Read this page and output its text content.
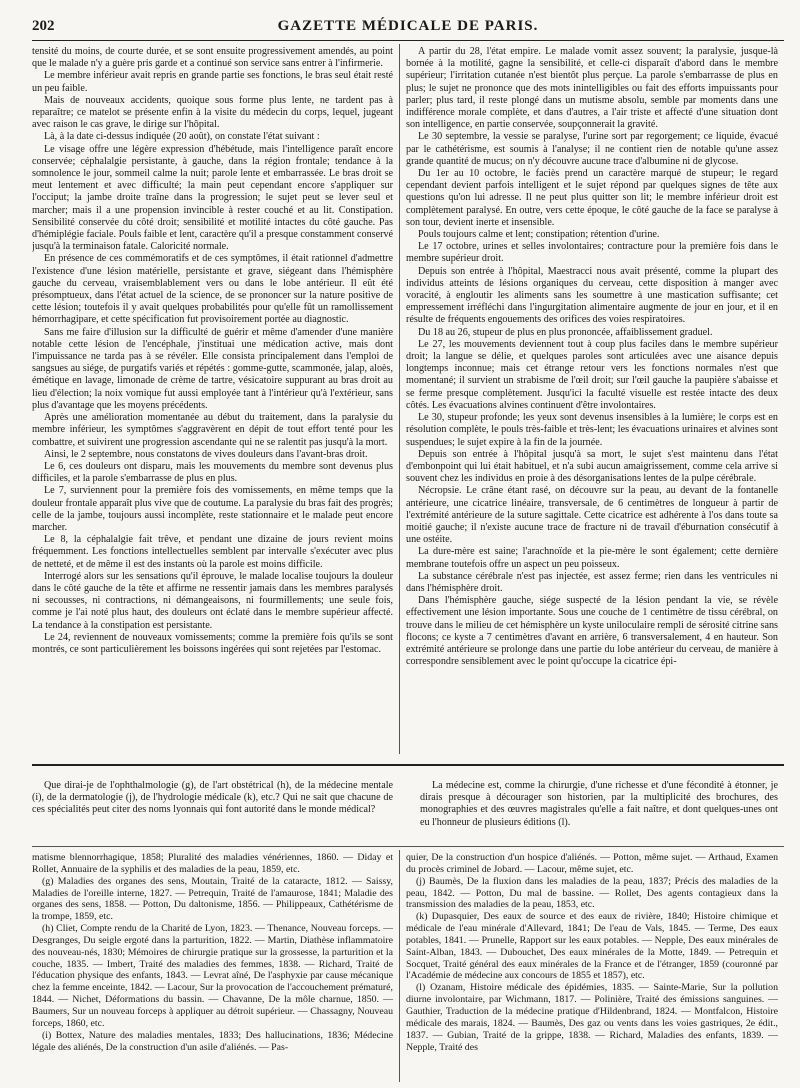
202	GAZETTE MÉDICALE DE PARIS.

tensité du moins, de courte durée, et se sont ensuite progressivement amendés, au point que le malade n'y a guère pris garde et a continué son service sans entrer à l'infirmerie.

Le membre inférieur avait repris en grande partie ses fonctions, le bras seul était resté un peu faible.

Mais de nouveaux accidents, quoique sous forme plus lente, ne tardent pas à reparaître; ce matelot se présente enfin à la visite du médecin du corps, lequel, jugeant avec raison le cas grave, le dirige sur l'hôpital.

Là, à la date ci-dessus indiquée (20 août), on constate l'état suivant :

Le visage offre une légère expression d'hébétude, mais l'intelligence paraît encore conservée; céphalalgie persistante, à gauche, dans la région frontale; tendance à la somnolence le jour, sommeil calme la nuit; parole lente et embarrassée. Le bras droit se meut lentement et avec difficulté; la main peut cependant encore s'appliquer sur l'occiput; la jambe droite traîne dans la progression; le sujet peut se lever seul et marcher; mais il a une propension invincible à rester couché et au lit. Constipation. Sensibilité conservée du côté droit; sensibilité et motilité intactes du côté gauche. Pas d'hémiplégie faciale. Pouls faible et lent, caractère qu'il a presque constamment conservé jusqu'à la terminaison fatale. Caloricité normale.

En présence de ces commémoratifs et de ces symptômes, il était rationnel d'admettre l'existence d'une lésion matérielle, persistante et grave, siégeant dans l'hémisphère gauche du cerveau, vraisemblablement vers ou dans le lobe antérieur. Il eût été présomptueux, dans l'état actuel de la science, de se prononcer sur la nature positive de cette lésion; toutefois il y avait quelques probabilités pour qu'elle fût un ramollissement hémorrhagipare, et cette spécification fut provisoirement portée au diagnostic.

Sans me faire d'illusion sur la difficulté de guérir et même d'amender d'une manière notable cette lésion de l'encéphale, j'instituai une médication active, mais dont l'impuissance ne tarda pas à se révéler. Elle consista principalement dans l'emploi de sangsues au siége, de purgatifs variés et répétés : gomme-gutte, scammonée, jalap, aloès, émétique en lavage, limonade de crème de tartre, vésicatoire suppurant au bras droit au lieu d'élection; la noix vomique fut aussi employée tant à l'intérieur qu'à l'extérieur, sans plus d'avantage que les moyens précédents.

Après une amélioration momentanée au début du traitement, dans la paralysie du membre inférieur, les symptômes s'aggravèrent en dépit de tout effort tenté pour les combattre, et suivirent une progression ascendante qui ne se ralentit pas jusqu'à la mort.

Ainsi, le 2 septembre, nous constatons de vives douleurs dans l'avant-bras droit.

Le 6, ces douleurs ont disparu, mais les mouvements du membre sont devenus plus difficiles, et la parole s'embarrasse de plus en plus.

Le 7, surviennent pour la première fois des vomissements, en même temps que la douleur frontale apparaît plus vive que de coutume. La paralysie du bras fait des progrès; celle de la jambe, toujours aussi incomplète, reste stationnaire et le malade peut encore marcher.

Le 8, la céphalalgie fait trêve, et pendant une dizaine de jours revient moins fréquemment. Les fonctions intellectuelles semblent par intervalle s'exécuter avec plus de netteté, et de même il est des instants où la parole est moins difficile.

Interrogé alors sur les sensations qu'il éprouve, le malade localise toujours la douleur dans le côté gauche de la tête et affirme ne ressentir jamais dans les membres paralysés ni secousses, ni contractions, ni démangeaisons, ni fourmillements; une seule fois, comme je l'ai noté plus haut, des douleurs ont éclaté dans le membre supérieur affecté. La tendance à la constipation est persistante.

Le 24, reviennent de nouveaux vomissements; comme la première fois qu'ils se sont montrés, ce sont particulièrement les boissons ingérées qui sont rejetées par l'estomac.

A partir du 28, l'état empire. Le malade vomit assez souvent; la paralysie, jusque-là bornée à la motilité, gagne la sensibilité, et celle-ci disparaît d'abord dans le membre supérieur; l'irritation cutanée n'est bientôt plus perçue. La parole s'embarrasse de plus en plus; le sujet ne prononce que des mots inintelligibles ou fait des efforts impuissants pour parler; plus tard, il reste plongé dans un mutisme absolu, semble par moments dans une indifférence morale complète, et dans d'autres, a l'air triste et affecté d'une situation dont son intelligence, en partie conservée, soupçonnerait la gravité.

Le 30 septembre, la vessie se paralyse, l'urine sort par regorgement; ce liquide, évacué par le cathétérisme, est soumis à l'analyse; il ne contient rien de notable qu'une assez grande quantité de mucus; on n'y découvre aucune trace d'albumine ni de glycose.

Du 1er au 10 octobre, le faciès prend un caractère marqué de stupeur; le regard cependant devient parfois intelligent et le sujet répond par quelques signes de tête aux questions qu'on lui adresse. Il ne peut plus quitter son lit; le membre inférieur droit est complètement paralysé. En outre, vers cette époque, le côté gauche de la face se paralyse à son tour, devient inerte et insensible.

Pouls toujours calme et lent; constipation; rétention d'urine.

Le 17 octobre, urines et selles involontaires; contracture pour la première fois dans le membre supérieur droit.

Depuis son entrée à l'hôpital, Maestracci nous avait présenté, comme la plupart des individus atteints de lésions organiques du cerveau, cette disposition à manger avec voracité, à engloutir les aliments sans les soumettre à une mastication suffisante; cet empressement irréfléchi dans l'ingurgitation alimentaire augmente de jour en jour, et il en résulte de fréquents engouements des orifices des voies respiratoires.

Du 18 au 26, stupeur de plus en plus prononcée, affaiblissement graduel.

Le 27, les mouvements deviennent tout à coup plus faciles dans le membre supérieur droit; la langue se délie, et quelques paroles sont articulées avec une aisance depuis longtemps inconnue; mais cet étrange retour vers les fonctions normales n'est que momentané; il survient un strabisme de l'œil droit; sur l'œil gauche la paupière s'abaisse et se ferme presque complètement. Jusqu'ici la faculté visuelle est restée intacte des deux côtés. Les évacuations alvines continuent d'être involontaires.

Le 30, stupeur profonde; les yeux sont devenus insensibles à la lumière; le corps est en résolution complète, le pouls très-faible et très-lent; les évacuations urinaires et alvines sont suspendues; le sujet expire à la fin de la journée.

Depuis son entrée à l'hôpital jusqu'à sa mort, le sujet s'est maintenu dans l'état d'embonpoint qui lui était habituel, et n'a subi aucun amaigrissement, comme cela arrive si souvent chez les individus en proie à des désorganisations lentes de la pulpe cérébrale.

Nécropsie. Le crâne étant rasé, on découvre sur la peau, au devant de la fontanelle antérieure, une cicatrice linéaire, transversale, de 6 centimètres de longueur à partir de l'extrémité antérieure de la suture sagittale. Cette cicatrice est adhérente à l'os dans toute sa moitié gauche; il n'existe aucune trace de fracture ni de travail d'éburnation consécutif à une ostéite.

La dure-mère est saine; l'arachnoïde et la pie-mère le sont également; cette dernière membrane toutefois offre un aspect un peu poisseux.

La substance cérébrale n'est pas injectée, est assez ferme; rien dans les ventricules ni dans l'hémisphère droit.

Dans l'hémisphère gauche, siége suspecté de la lésion pendant la vie, se révèle effectivement une lésion importante. Sous une couche de 1 centimètre de tissu cérébral, on trouve dans le milieu de cet hémisphère un kyste uniloculaire rempli de sérosité citrine sans flocons; ce kyste a 7 centimètres d'avant en arrière, 6 transversalement, 4 en hauteur. Son extrémité antérieure se prolonge dans une partie du lobe antérieur du cerveau, de manière à correspondre sensiblement avec le point qu'occupe la cicatrice épi-

Que dirai-je de l'ophthalmologie (g), de l'art obstétrical (h), de la médecine mentale (i), de la dermatologie (j), de l'hydrologie médicale (k), etc.? Qui ne sait que chacune de ces spécialités peut citer des noms lyonnais qui font autorité dans le monde médical?

La médecine est, comme la chirurgie, d'une richesse et d'une fécondité à étonner, je dirais presque à décourager son historien, par la multiplicité des brochures, des monographies et des œuvres magistrales qu'elle a fait naître, et dont quelques-unes ont eu l'honneur de plusieurs éditions (l).

matisme blennorrhagique, 1858; Pluralité des maladies vénériennes, 1860. — Diday et Rollet, Annuaire de la syphilis et des maladies de la peau, 1859, etc.

(g) Maladies des organes des sens, Moutain, Traité de la cataracte, 1812. — Saissy, Maladies de l'oreille interne, 1827. — Petrequin, Traité de l'amaurose, 1841; Maladie des organes des sens, 1858. — Potton, Du daltonisme, 1856. — Philippeaux, Cathétérisme de la trompe, 1859, etc.

(h) Cliet, Compte rendu de la Charité de Lyon, 1823. — Thenance, Nouveau forceps. — Desgranges, Du seigle ergoté dans la parturition, 1822. — Martin, Diathèse inflammatoire des nouveau-nés, 1830; Mémoires de chirurgie pratique sur la grossesse, la parturition et la couche, 1835. — Imbert, Traité des maladies des femmes, 1838. — Richard, Traité de l'éducation physique des enfants, 1843. — Levrat aîné, De l'asphyxie par cause mécanique chez la femme enceinte, 1842. — Lacour, Sur la provocation de l'accouchement prématuré, 1844. — Nichet, Déformations du bassin. — Chavanne, De la môle charnue, 1850. — Baumers, Sur un nouveau forceps à appliquer au détroit supérieur. — Chassagny, Nouveau forceps, 1860, etc.

(i) Bottex, Nature des maladies mentales, 1833; Des hallucinations, 1836; Médecine légale des aliénés, De la construction d'un asile d'aliénés. — Pas-

quier, De la construction d'un hospice d'aliénés. — Potton, même sujet. — Arthaud, Examen du procès criminel de Jobard. — Lacour, même sujet, etc.

(j) Baumès, De la fluxion dans les maladies de la peau, 1837; Précis des maladies de la peau, 1842. — Potton, Du mal de bassine. — Rollet, Des agents contagieux dans la transmission des maladies de la peau, 1853, etc.

(k) Dupasquier, Des eaux de source et des eaux de rivière, 1840; Histoire chimique et médicale de l'eau minérale d'Allevard, 1841; De l'eau de Vals, 1845. — Terme, Des eaux potables, 1841. — Prunelle, Rapport sur les eaux potables. — Nepple, Des eaux minérales de Saint-Alban, 1843. — Dubouchet, Des eaux minérales de la Motte, 1849. — Petrequin et Socquet, Traité général des eaux minérales de la France et de l'étranger, 1859 (couronné par l'Académie de médecine aux concours de 1855 et 1857), etc.

(l) Ozanam, Histoire médicale des épidémies, 1835. — Sainte-Marie, Sur la pollution diurne involontaire, par Wichmann, 1817. — Polinière, Traité des émissions sanguines. — Gauthier, Traduction de la médecine pratique d'Hildenbrand, 1824. — Montfalcon, Histoire médicale des marais, 1824. — Baumès, Des gaz ou vents dans les voies gastriques, 2e édit., 1837. — Gubian, Traité de la grippe, 1838. — Richard, Maladies des enfants, 1839. — Nepple, Traité des
